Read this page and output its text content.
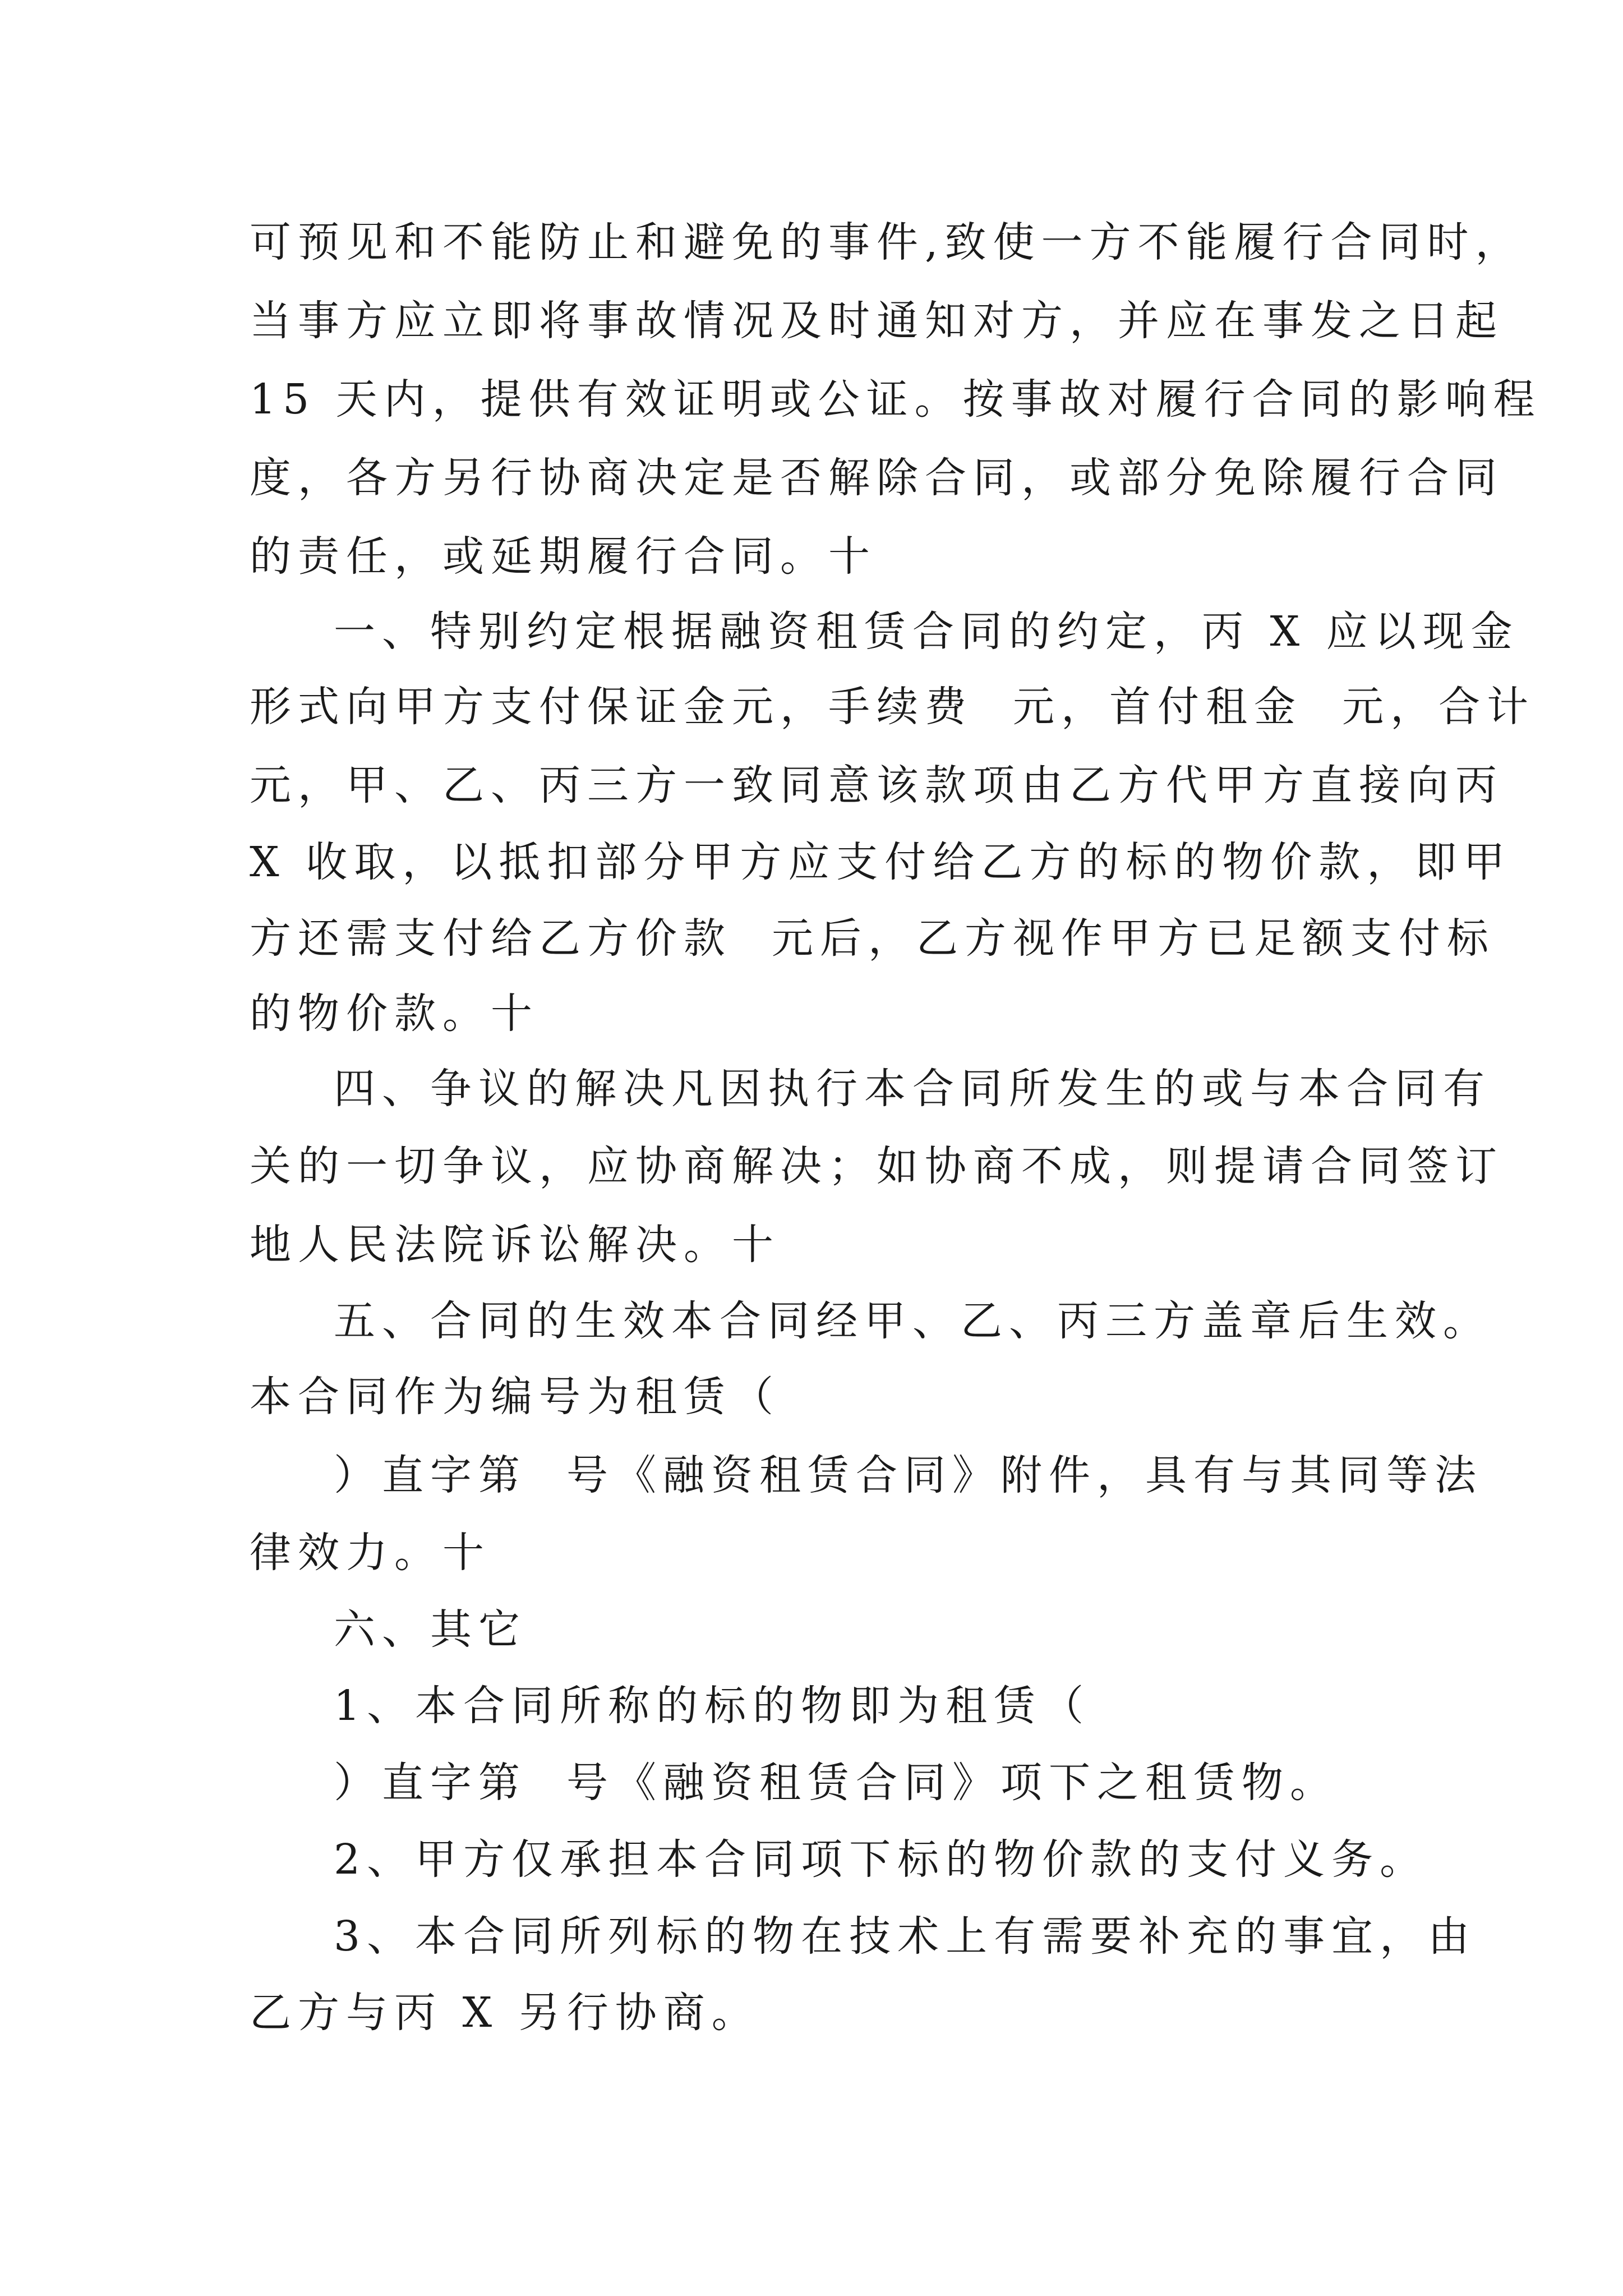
可预见和不能防止和避免的事件,致使一方不能履行合同时，
当事方应立即将事故情况及时通知对方，并应在事发之日起
15 天内，提供有效证明或公证。按事故对履行合同的影响程
度，各方另行协商决定是否解除合同，或部分免除履行合同
的责任，或延期履行合同。十
一、特别约定根据融资租赁合同的约定，丙 X 应以现金
形式向甲方支付保证金元，手续费  元，首付租金  元，合计
元，甲、乙、丙三方一致同意该款项由乙方代甲方直接向丙
X 收取，以抵扣部分甲方应支付给乙方的标的物价款，即甲
方还需支付给乙方价款  元后，乙方视作甲方已足额支付标
的物价款。十
四、争议的解决凡因执行本合同所发生的或与本合同有
关的一切争议，应协商解决；如协商不成，则提请合同签订
地人民法院诉讼解决。十
五、合同的生效本合同经甲、乙、丙三方盖章后生效。
本合同作为编号为租赁（
）直字第  号《融资租赁合同》附件，具有与其同等法
律效力。十
六、其它
1、本合同所称的标的物即为租赁（
）直字第  号《融资租赁合同》项下之租赁物。
2、甲方仅承担本合同项下标的物价款的支付义务。
3、本合同所列标的物在技术上有需要补充的事宜，由
乙方与丙 X 另行协商。
